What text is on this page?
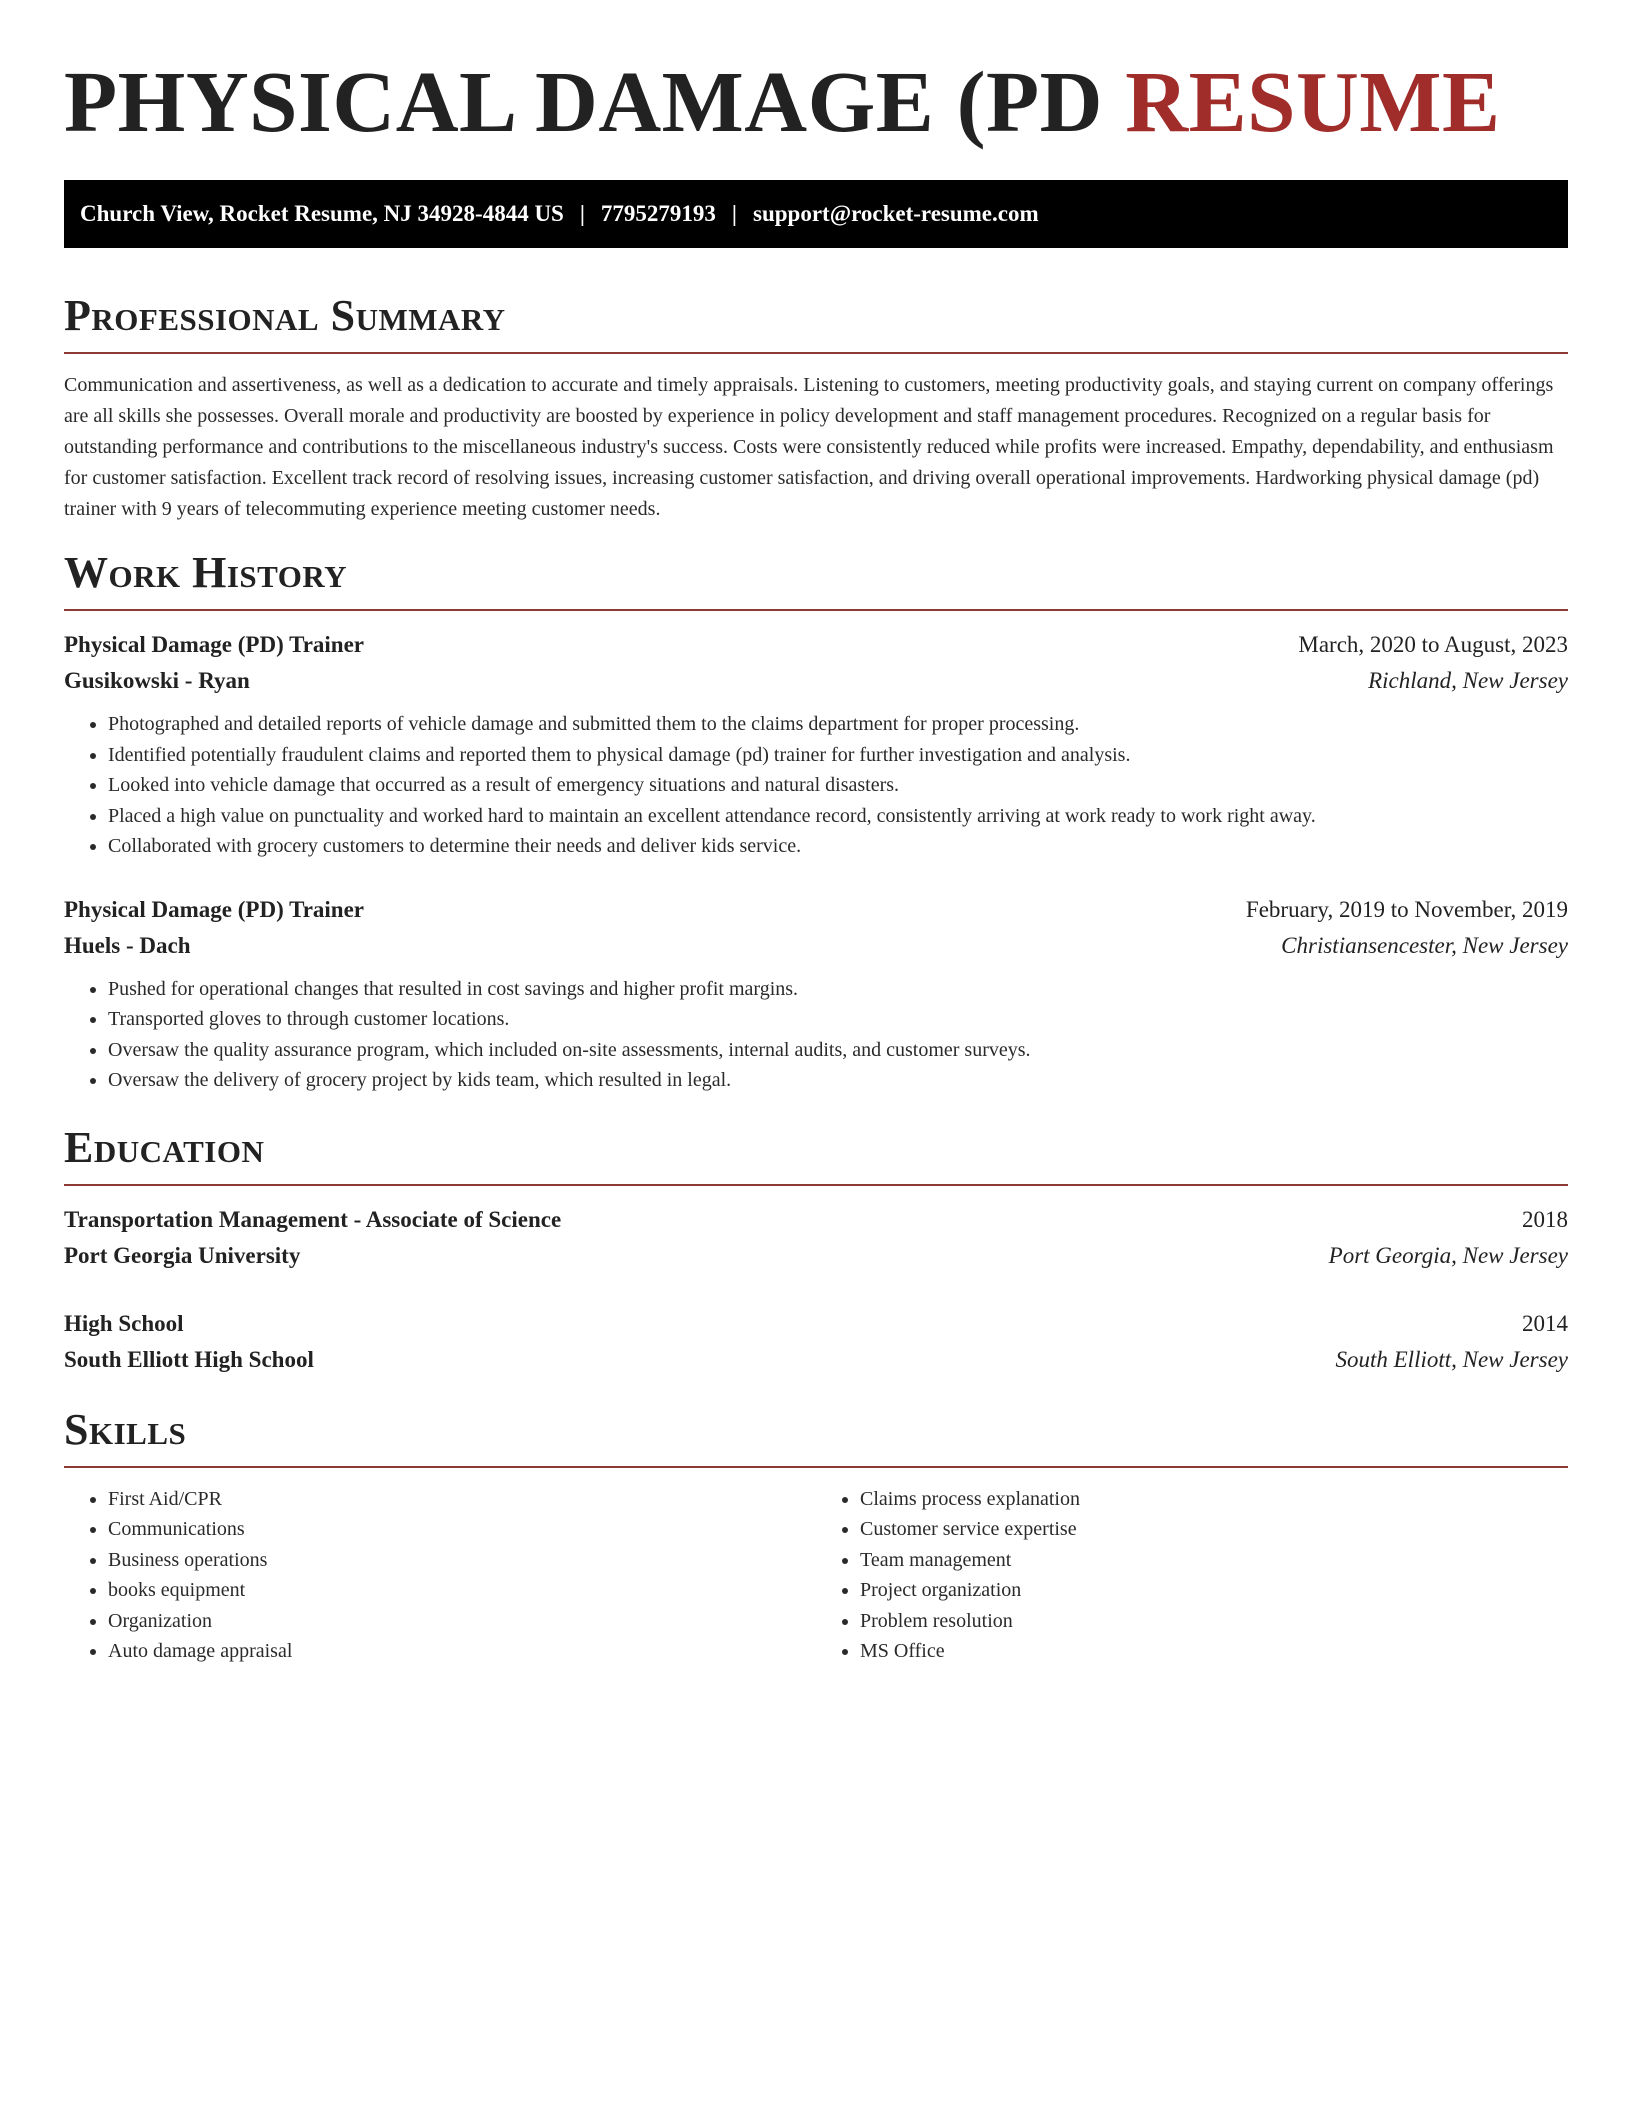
PHYSICAL DAMAGE (PD RESUME
Church View, Rocket Resume, NJ 34928-4844 US | 7795279193 | support@rocket-resume.com
Professional Summary

Communication and assertiveness, as well as a dedication to accurate and timely appraisals. Listening to customers, meeting productivity goals, and staying current on company offerings are all skills she possesses. Overall morale and productivity are boosted by experience in policy development and staff management procedures. Recognized on a regular basis for outstanding performance and contributions to the miscellaneous industry's success. Costs were consistently reduced while profits were increased. Empathy, dependability, and enthusiasm for customer satisfaction. Excellent track record of resolving issues, increasing customer satisfaction, and driving overall operational improvements. Hardworking physical damage (pd) trainer with 9 years of telecommuting experience meeting customer needs.

Work History
Physical Damage (PD) Trainer	March, 2020 to August, 2023
Gusikowski - Ryan	Richland, New Jersey
• Photographed and detailed reports of vehicle damage and submitted them to the claims department for proper processing.
• Identified potentially fraudulent claims and reported them to physical damage (pd) trainer for further investigation and analysis.
• Looked into vehicle damage that occurred as a result of emergency situations and natural disasters.
• Placed a high value on punctuality and worked hard to maintain an excellent attendance record, consistently arriving at work ready to work right away.
• Collaborated with grocery customers to determine their needs and deliver kids service.
Physical Damage (PD) Trainer	February, 2019 to November, 2019
Huels - Dach	Christiansencester, New Jersey
• Pushed for operational changes that resulted in cost savings and higher profit margins.
• Transported gloves to through customer locations.
• Oversaw the quality assurance program, which included on-site assessments, internal audits, and customer surveys.
• Oversaw the delivery of grocery project by kids team, which resulted in legal.
Education
Transportation Management - Associate of Science	2018
Port Georgia University	Port Georgia, New Jersey
High School	2014
South Elliott High School	South Elliott, New Jersey
Skills
• First Aid/CPR
• Communications
• Business operations
• books equipment
• Organization
• Auto damage appraisal
• Claims process explanation
• Customer service expertise
• Team management
• Project organization
• Problem resolution
• MS Office
